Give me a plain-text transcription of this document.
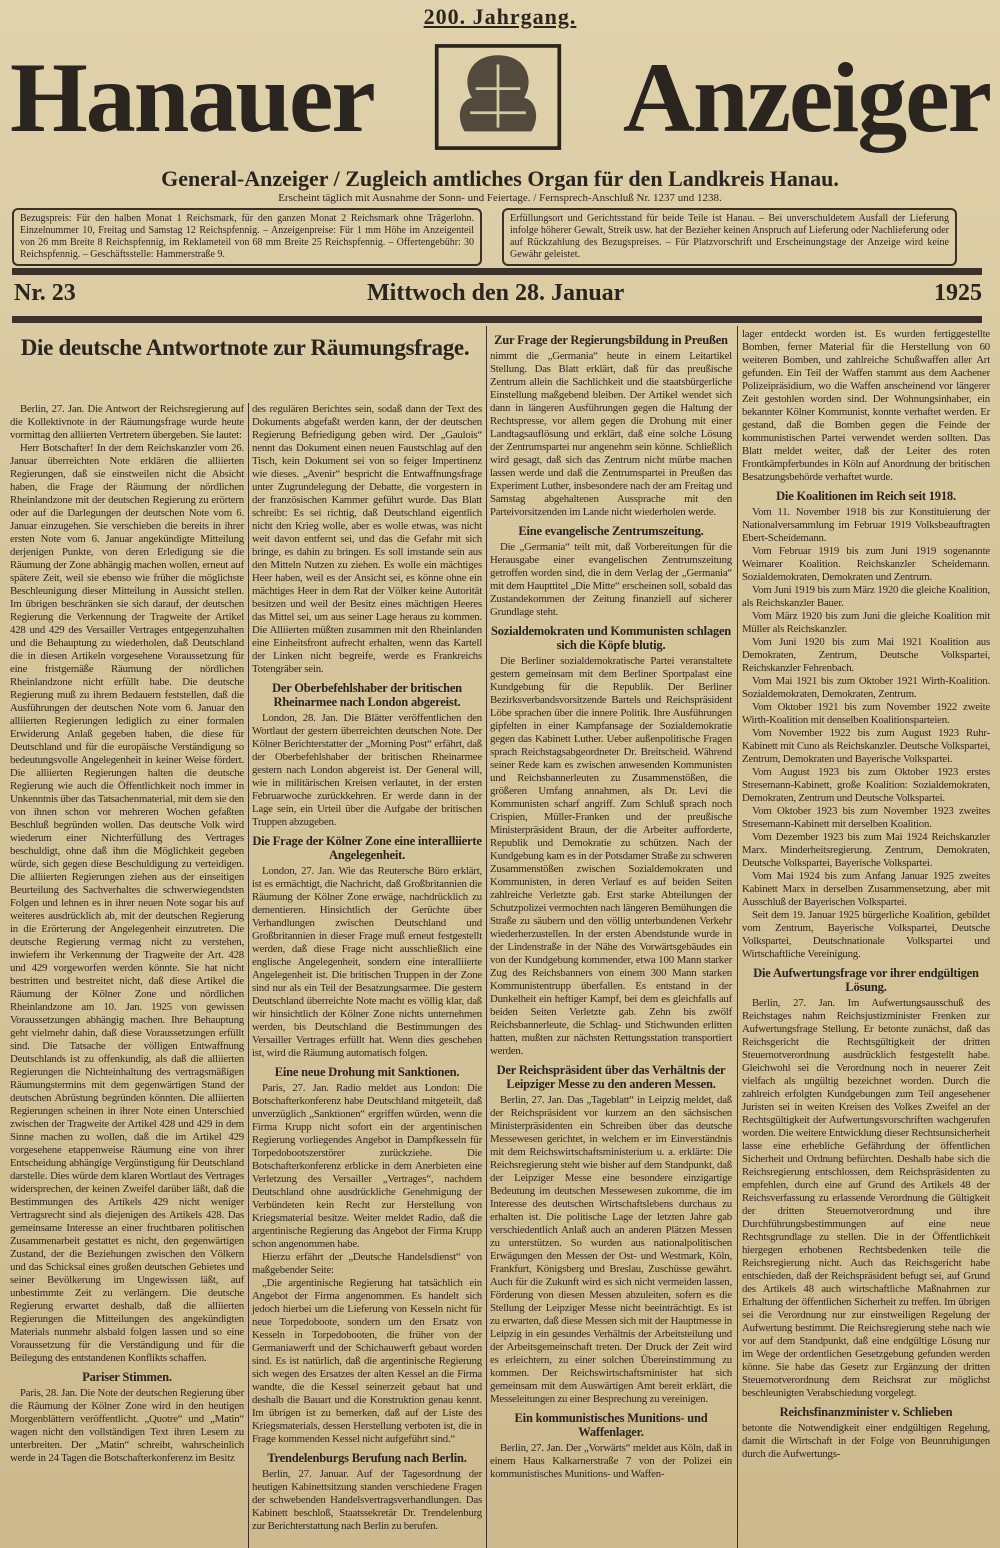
200. Jahrgang.
Hanauer Anzeiger
General-Anzeiger / Zugleich amtliches Organ für den Landkreis Hanau.
Erscheint täglich mit Ausnahme der Sonn- und Feiertage. / Fernsprech-Anschluß Nr. 1237 und 1238.
Bezugspreis: Für den halben Monat 1 Reichsmark, für den ganzen Monat 2 Reichsmark ohne Trägerlohn. Einzelnummer 10, Freitag und Samstag 12 Reichspfennig. – Anzeigenpreise: Für 1 mm Höhe im Anzeigenteil von 26 mm Breite 8 Reichspfennig, im Reklameteil von 68 mm Breite 25 Reichspfennig. – Offertengebühr: 30 Reichspfennig. – Geschäftsstelle: Hammerstraße 9.
Erfüllungsort und Gerichtsstand für beide Teile ist Hanau. – Bei unverschuldetem Ausfall der Lieferung infolge höherer Gewalt, Streik usw. hat der Bezieher keinen Anspruch auf Lieferung oder Nachlieferung oder auf Rückzahlung des Bezugspreises. – Für Platzvorschrift und Erscheinungstage der Anzeige wird keine Gewähr geleistet.
Nr. 23	Mittwoch den 28. Januar	1925
Die deutsche Antwortnote zur Räumungsfrage.

Berlin, 27. Jan. Die Antwort der Reichsregierung auf die Kollektivnote in der Räumungsfrage wurde heute vormittag den alliierten Vertretern übergeben. Sie lautet:

Herr Botschafter! In der dem Reichskanzler vom 26. Januar überreichten Note erklären die alliierten Regierungen, daß sie einstweilen nicht die Absicht haben, die Frage der Räumung der nördlichen Rheinlandzone mit der deutschen Regierung zu erörtern oder auf die Darlegungen der deutschen Note vom 6. Januar einzugehen. Sie verschieben die bereits in ihrer ersten Note vom 6. Januar angekündigte Mitteilung derjenigen Punkte, von deren Erledigung sie die Räumung der Zone abhängig machen wollen, erneut auf spätere Zeit, weil sie ebenso wie früher die möglichste Beschleunigung dieser Mitteilung in Aussicht stellen. Im übrigen beschränken sie sich darauf, der deutschen Regierung die Verkennung der Tragweite der Artikel 428 und 429 des Versailler Vertrages entgegenzuhalten und die Behauptung zu wiederholen, daß Deutschland die in diesen Artikeln vorgesehene Voraussetzung für eine fristgemäße Räumung der nördlichen Rheinlandzone nicht erfüllt habe. Die deutsche Regierung muß zu ihrem Bedauern feststellen, daß die Ausführungen der deutschen Note vom 6. Januar den alliierten Regierungen lediglich zu einer formalen Erwiderung Anlaß gegeben haben, die diese für Deutschland und für die europäische Verständigung so bedeutungsvolle Angelegenheit in keiner Weise fördert. Die alliierten Regierungen halten die deutsche Regierung wie auch die Öffentlichkeit noch immer in Unkenntnis über das Tatsachenmaterial, mit dem sie den von ihnen schon vor mehreren Wochen gefaßten Beschluß begründen wollen. Das deutsche Volk wird wiederum einer Nichterfüllung des Vertrages beschuldigt, ohne daß ihm die Möglichkeit gegeben würde, sich gegen diese Beschuldigung zu verteidigen. Die alliierten Regierungen ziehen aus der einseitigen Beurteilung des Sachverhaltes die schwerwiegendsten Folgen und lehnen es in ihrer neuen Note sogar bis auf weiteres ausdrücklich ab, mit der deutschen Regierung in die Erörterung der Angelegenheit einzutreten. Die deutsche Regierung vermag nicht zu verstehen, inwiefern ihr Verkennung der Tragweite der Art. 428 und 429 vorgeworfen werden könnte. Sie hat nicht bestritten und bestreitet nicht, daß diese Artikel die Räumung der Kölner Zone und nördlichen Rheinlandzone am 10. Jan. 1925 von gewissen Voraussetzungen abhängig machen. Ihre Behauptung geht vielmehr dahin, daß diese Voraussetzungen erfüllt sind. Die Tatsache der völligen Entwaffnung Deutschlands ist zu offenkundig, als daß die alliierten Regierungen die Nichteinhaltung des vertragsmäßigen Räumungstermins mit dem gegenwärtigen Stand der deutschen Abrüstung begründen könnten. Die alliierten Regierungen scheinen in ihrer Note einen Unterschied zwischen der Tragweite der Artikel 428 und 429 in dem Sinne machen zu wollen, daß die im Artikel 429 vorgesehene etappenweise Räumung eine von ihrer Entscheidung abhängige Vergünstigung für Deutschland darstelle. Dies würde dem klaren Wortlaut des Vertrages widersprechen, der keinen Zweifel darüber läßt, daß die Bestimmungen des Artikels 429 nicht weniger Vertragsrecht sind als diejenigen des Artikels 428. Das gemeinsame Interesse an einer fruchtbaren politischen Zusammenarbeit gestattet es nicht, den gegenwärtigen Zustand, der die Beziehungen zwischen den Völkern und das Schicksal eines großen deutschen Gebietes und seiner Bevölkerung im Ungewissen läßt, auf unbestimmte Zeit zu verlängern. Die deutsche Regierung erwartet deshalb, daß die alliierten Regierungen die Mitteilungen des angekündigten Materials nunmehr alsbald folgen lassen und so eine Voraussetzung für die Verständigung und für die Beilegung des entstandenen Konflikts schaffen.

Pariser Stimmen.

Paris, 28. Jan. Die Note der deutschen Regierung über die Räumung der Kölner Zone wird in den heutigen Morgenblättern veröffentlicht. „Quotre“ und „Matin“ wagen nicht den vollständigen Text ihren Lesern zu unterbreiten. Der „Matin“ schreibt, wahrscheinlich werde in 24 Tagen die Botschafterkonferenz im Besitz

des regulären Berichtes sein, sodaß dann der Text des Dokuments abgefaßt werden kann, der der deutschen Regierung Befriedigung geben wird. Der „Gaulois“ nennt das Dokument einen neuen Faustschlag auf den Tisch, kein Dokument sei von so feiger Impertinenz wie dieses. „Avenir“ bespricht die Entwaffnungsfrage unter Zugrundelegung der Debatte, die vorgestern in der französischen Kammer geführt wurde. Das Blatt schreibt: Es sei richtig, daß Deutschland eigentlich nicht den Krieg wolle, aber es wolle etwas, was nicht weit davon entfernt sei, und das die Gefahr mit sich bringe, es dahin zu bringen. Es soll imstande sein aus den Mitteln Nutzen zu ziehen. Es wolle ein mächtiges Heer haben, weil es der Ansicht sei, es könne ohne ein mächtiges Heer in dem Rat der Völker keine Autorität besitzen und weil der Besitz eines mächtigen Heeres das Mittel sei, um aus seiner Lage heraus zu kommen. Die Alliierten müßten zusammen mit den Rheinlanden eine Einheitsfront aufrecht erhalten, wenn das Kartell der Linken nicht begreife, werde es Frankreichs Totengräber sein.

Der Oberbefehlshaber der britischen Rheinarmee nach London abgereist.

London, 28. Jan. Die Blätter veröffentlichen den Wortlaut der gestern überreichten deutschen Note. Der Kölner Berichterstatter der „Morning Post“ erfährt, daß der Oberbefehlshaber der britischen Rheinarmee gestern nach London abgereist ist. Der General will, wie in militärischen Kreisen verlautet, in der ersten Februarwoche zurückkehren. Er werde dann in der Lage sein, ein Urteil über die Aufgabe der britischen Truppen abzugeben.

Die Frage der Kölner Zone eine interalliierte Angelegenheit.

London, 27. Jan. Wie das Reutersche Büro erklärt, ist es ermächtigt, die Nachricht, daß Großbritannien die Räumung der Kölner Zone erwäge, nachdrücklich zu dementieren. Hinsichtlich der Gerüchte über Verhandlungen zwischen Deutschland und Großbritannien in dieser Frage muß erneut festgestellt werden, daß diese Frage nicht ausschließlich eine englische Angelegenheit, sondern eine interalliierte Angelegenheit ist. Die britischen Truppen in der Zone sind nur als ein Teil der Besatzungsarmee. Die gestern Deutschland überreichte Note macht es völlig klar, daß wir hinsichtlich der Kölner Zone nichts unternehmen werden, bis Deutschland die Bestimmungen des Versailler Vertrages erfüllt hat. Wenn dies geschehen ist, wird die Räumung automatisch folgen.

Eine neue Drohung mit Sanktionen.

Paris, 27. Jan. Radio meldet aus London: Die Botschafterkonferenz habe Deutschland mitgeteilt, daß unverzüglich „Sanktionen“ ergriffen würden, wenn die Firma Krupp nicht sofort ein der argentinischen Regierung vorliegendes Angebot in Dampfkesseln für Torpedobootszerstörer zurückziehe. Die Botschafterkonferenz erblicke in dem Anerbieten eine Verletzung des Versailler „Vertrages“, nachdem Deutschland ohne ausdrückliche Genehmigung der Verbündeten kein Recht zur Herstellung von Kriegsmaterial besitze. Weiter meldet Radio, daß die argentinische Regierung das Angebot der Firma Krupp schon angenommen habe.

Hierzu erfährt der „Deutsche Handelsdienst“ von maßgebender Seite:

„Die argentinische Regierung hat tatsächlich ein Angebot der Firma angenommen. Es handelt sich jedoch hierbei um die Lieferung von Kesseln nicht für neue Torpedoboote, sondern um den Ersatz von Kesseln in Torpedobooten, die früher von der Germaniawerft und der Schichauwerft gebaut worden sind. Es ist natürlich, daß die argentinische Regierung sich wegen des Ersatzes der alten Kessel an die Firma wandte, die die Kessel seinerzeit gebaut hat und deshalb die Bauart und die Konstruktion genau kennt. Im übrigen ist zu bemerken, daß auf der Liste des Kriegsmaterials, dessen Herstellung verboten ist, die in Frage kommenden Kessel nicht aufgeführt sind.“

Trendelenburgs Berufung nach Berlin.

Berlin, 27. Januar. Auf der Tagesordnung der heutigen Kabinettsitzung standen verschiedene Fragen der schwebenden Handelsvertragsverhandlungen. Das Kabinett beschloß, Staatssekretär Dr. Trendelenburg zur Berichterstattung nach Berlin zu berufen.

Zur Frage der Regierungsbildung in Preußen

nimmt die „Germania“ heute in einem Leitartikel Stellung. Das Blatt erklärt, daß für das preußische Zentrum allein die Sachlichkeit und die staatsbürgerliche Einstellung maßgebend bleiben. Der Artikel wendet sich dann in längeren Ausführungen gegen die Haltung der Rechtspresse, vor allem gegen die Drohung mit einer Landtagsauflösung und erklärt, daß eine solche Lösung der Zentrumspartei nur angenehm sein könne. Schließlich wird gesagt, daß sich das Zentrum nicht mürbe machen lassen werde und daß die Zentrumspartei in Preußen das Experiment Luther, insbesondere nach der am Freitag und Samstag abgehaltenen Aussprache mit den Parteivorsitzenden im Lande nicht wiederholen werde.

Eine evangelische Zentrumszeitung.

Die „Germania“ teilt mit, daß Vorbereitungen für die Herausgabe einer evangelischen Zentrumszeitung getroffen worden sind, die in dem Verlag der „Germania“ mit dem Haupttitel „Die Mitte“ erscheinen soll, sobald das Zustandekommen der Zeitung finanziell auf sicherer Grundlage steht.

Sozialdemokraten und Kommunisten schlagen sich die Köpfe blutig.

Die Berliner sozialdemokratische Partei veranstaltete gestern gemeinsam mit dem Berliner Sportpalast eine Kundgebung für die Republik. Der Berliner Bezirksverbandsvorsitzende Bartels und Reichspräsident Löbe sprachen über die innere Politik. Ihre Ausführungen gipfelten in einer Kampfansage der Sozialdemokratie gegen das Kabinett Luther. Ueber außenpolitische Fragen sprach Reichstagsabgeordneter Dr. Breitscheid. Während seiner Rede kam es zwischen anwesenden Kommunisten und Reichsbannerleuten zu Zusammenstößen, die größeren Umfang annahmen, als Dr. Levi die Kommunisten scharf angriff. Zum Schluß sprach noch Crispien, Müller-Franken und der preußische Ministerpräsident Braun, der die Arbeiter aufforderte, Republik und Demokratie zu schützen. Nach der Kundgebung kam es in der Potsdamer Straße zu schweren Zusammenstößen zwischen Sozialdemokraten und Kommunisten, in deren Verlauf es auf beiden Seiten zahlreiche Verletzte gab. Erst starke Abteilungen der Schutzpolizei vermochten nach längeren Bemühungen die Straße zu säubern und den völlig unterbundenen Verkehr wiederherzustellen. In der ersten Abendstunde wurde in der Lindenstraße in der Nähe des Vorwärtsgebäudes ein von der Kundgebung kommender, etwa 100 Mann starker Zug des Reichsbanners von einem 300 Mann starken Kommunistentrupp überfallen. Es entstand in der Dunkelheit ein heftiger Kampf, bei dem es gleichfalls auf beiden Seiten Verletzte gab. Zehn bis zwölf Reichsbannerleute, die Schlag- und Stichwunden erlitten hatten, mußten zur nächsten Rettungsstation transportiert werden.

Der Reichspräsident über das Verhältnis der Leipziger Messe zu den anderen Messen.

Berlin, 27. Jan. Das „Tageblatt“ in Leipzig meldet, daß der Reichspräsident vor kurzem an den sächsischen Ministerpräsidenten ein Schreiben über das deutsche Messewesen gerichtet, in welchem er im Einverständnis mit dem Reichswirtschaftsministerium u. a. erklärte: Die Reichsregierung steht wie bisher auf dem Standpunkt, daß der Leipziger Messe eine besondere einzigartige Bedeutung im deutschen Messewesen zukomme, die im Interesse des deutschen Wirtschaftslebens durchaus zu erhalten ist. Die politische Lage der letzten Jahre gab verschiedentlich Anlaß auch an anderen Plätzen Messen zu unterstützen. So wurden aus nationalpolitischen Erwägungen den Messen der Ost- und Westmark, Köln, Frankfurt, Königsberg und Breslau, Zuschüsse gewährt. Auch für die Zukunft wird es sich nicht vermeiden lassen, Förderung von diesen Messen abzuleiten, sofern es die Stellung der Leipziger Messe nicht beeinträchtigt. Es ist zu erwarten, daß diese Messen sich mit der Hauptmesse in Leipzig in ein gesundes Verhältnis der Arbeitsteilung und der Arbeitsgemeinschaft treten. Der Druck der Zeit wird es erleichtern, zu einer solchen Übereinstimmung zu kommen. Der Reichswirtschaftsminister hat sich gemeinsam mit dem Auswärtigen Amt bereit erklärt, die Messeleitungen zu einer Besprechung zu vereinigen.

Ein kommunistisches Munitions- und Waffenlager.

Berlin, 27. Jan. Der „Vorwärts“ meldet aus Köln, daß in einem Haus Kalkarnerstraße 7 von der Polizei ein kommunistisches Munitions- und Waffen-

lager entdeckt worden ist. Es wurden fertiggestellte Bomben, ferner Material für die Herstellung von 60 weiteren Bomben, und zahlreiche Schußwaffen aller Art gefunden. Ein Teil der Waffen stammt aus dem Aachener Polizeipräsidium, wo die Waffen anscheinend vor längerer Zeit gestohlen worden sind. Der Wohnungsinhaber, ein bekannter Kölner Kommunist, konnte verhaftet werden. Er gestand, daß die Bomben gegen die Feinde der kommunistischen Partei verwendet werden sollten. Das Blatt meldet weiter, daß der Leiter des roten Frontkämpferbundes in Köln auf Anordnung der britischen Besatzungsbehörde verhaftet wurde.

Die Koalitionen im Reich seit 1918.

Vom 11. November 1918 bis zur Konstituierung der Nationalversammlung im Februar 1919 Volksbeauftragten Ebert-Scheidemann.

Vom Februar 1919 bis zum Juni 1919 sogenannte Weimarer Koalition. Reichskanzler Scheidemann. Sozialdemokraten, Demokraten und Zentrum.

Vom Juni 1919 bis zum März 1920 die gleiche Koalition, als Reichskanzler Bauer.

Vom März 1920 bis zum Juni die gleiche Koalition mit Müller als Reichskanzler.

Vom Juni 1920 bis zum Mai 1921 Koalition aus Demokraten, Zentrum, Deutsche Volkspartei, Reichskanzler Fehrenbach.

Vom Mai 1921 bis zum Oktober 1921 Wirth-Koalition. Sozialdemokraten, Demokraten, Zentrum.

Vom Oktober 1921 bis zum November 1922 zweite Wirth-Koalition mit denselben Koalitionsparteien.

Vom November 1922 bis zum August 1923 Ruhr-Kabinett mit Cuno als Reichskanzler. Deutsche Volkspartei, Zentrum, Demokraten und Bayerische Volkspartei.

Vom August 1923 bis zum Oktober 1923 erstes Stresemann-Kabinett, große Koalition: Sozialdemokraten, Demokraten, Zentrum und Deutsche Volkspartei.

Vom Oktober 1923 bis zum November 1923 zweites Stresemann-Kabinett mit derselben Koalition.

Vom Dezember 1923 bis zum Mai 1924 Reichskanzler Marx. Minderheitsregierung. Zentrum, Demokraten, Deutsche Volkspartei, Bayerische Volkspartei.

Vom Mai 1924 bis zum Anfang Januar 1925 zweites Kabinett Marx in derselben Zusammensetzung, aber mit Ausschluß der Bayerischen Volkspartei.

Seit dem 19. Januar 1925 bürgerliche Koalition, gebildet vom Zentrum, Bayerische Volkspartei, Deutsche Volkspartei, Deutschnationale Volkspartei und Wirtschaftliche Vereinigung.

Die Aufwertungsfrage vor ihrer endgültigen Lösung.

Berlin, 27. Jan. Im Aufwertungsausschuß des Reichstages nahm Reichsjustizminister Frenken zur Aufwertungsfrage Stellung. Er betonte zunächst, daß das Reichsgericht die Rechtsgültigkeit der dritten Steuernotverordnung ausdrücklich festgestellt habe. Gleichwohl sei die Verordnung noch in neuerer Zeit vielfach als ungültig bezeichnet worden. Durch die zahlreich erfolgten Kundgebungen zum Teil angesehener Juristen sei in weiten Kreisen des Volkes Zweifel an der Rechtsgültigkeit der Aufwertungsvorschriften wachgerufen worden. Die weitere Entwicklung dieser Rechtsunsicherheit lasse eine erhebliche Gefährdung der öffentlichen Sicherheit und Ordnung befürchten. Deshalb habe sich die Reichsregierung entschlossen, dem Reichspräsidenten zu empfehlen, durch eine auf Grund des Artikels 48 der Reichsverfassung zu erlassende Verordnung die Gültigkeit der dritten Steuernotverordnung und ihre Durchführungsbestimmungen auf eine neue Rechtsgrundlage zu stellen. Die in der Öffentlichkeit hiergegen erhobenen Rechtsbedenken teile die Reichsregierung nicht. Auch das Reichsgericht habe entschieden, daß der Reichspräsident befugt sei, auf Grund des Artikels 48 auch wirtschaftliche Maßnahmen zur Erhaltung der öffentlichen Sicherheit zu treffen. Im übrigen sei die Verordnung nur zur einstweiligen Regelung der Aufwertung bestimmt. Die Reichsregierung stehe nach wie vor auf dem Standpunkt, daß eine endgültige Lösung nur im Wege der ordentlichen Gesetzgebung gefunden werden könne. Sie habe das Gesetz zur Ergänzung der dritten Steuernotverordnung dem Reichsrat zur möglichst beschleunigten Verabschiedung vorgelegt.

Reichsfinanzminister v. Schlieben

betonte die Notwendigkeit einer endgültigen Regelung, damit die Wirtschaft in der Folge von Beunruhigungen durch die Aufwertungs-
